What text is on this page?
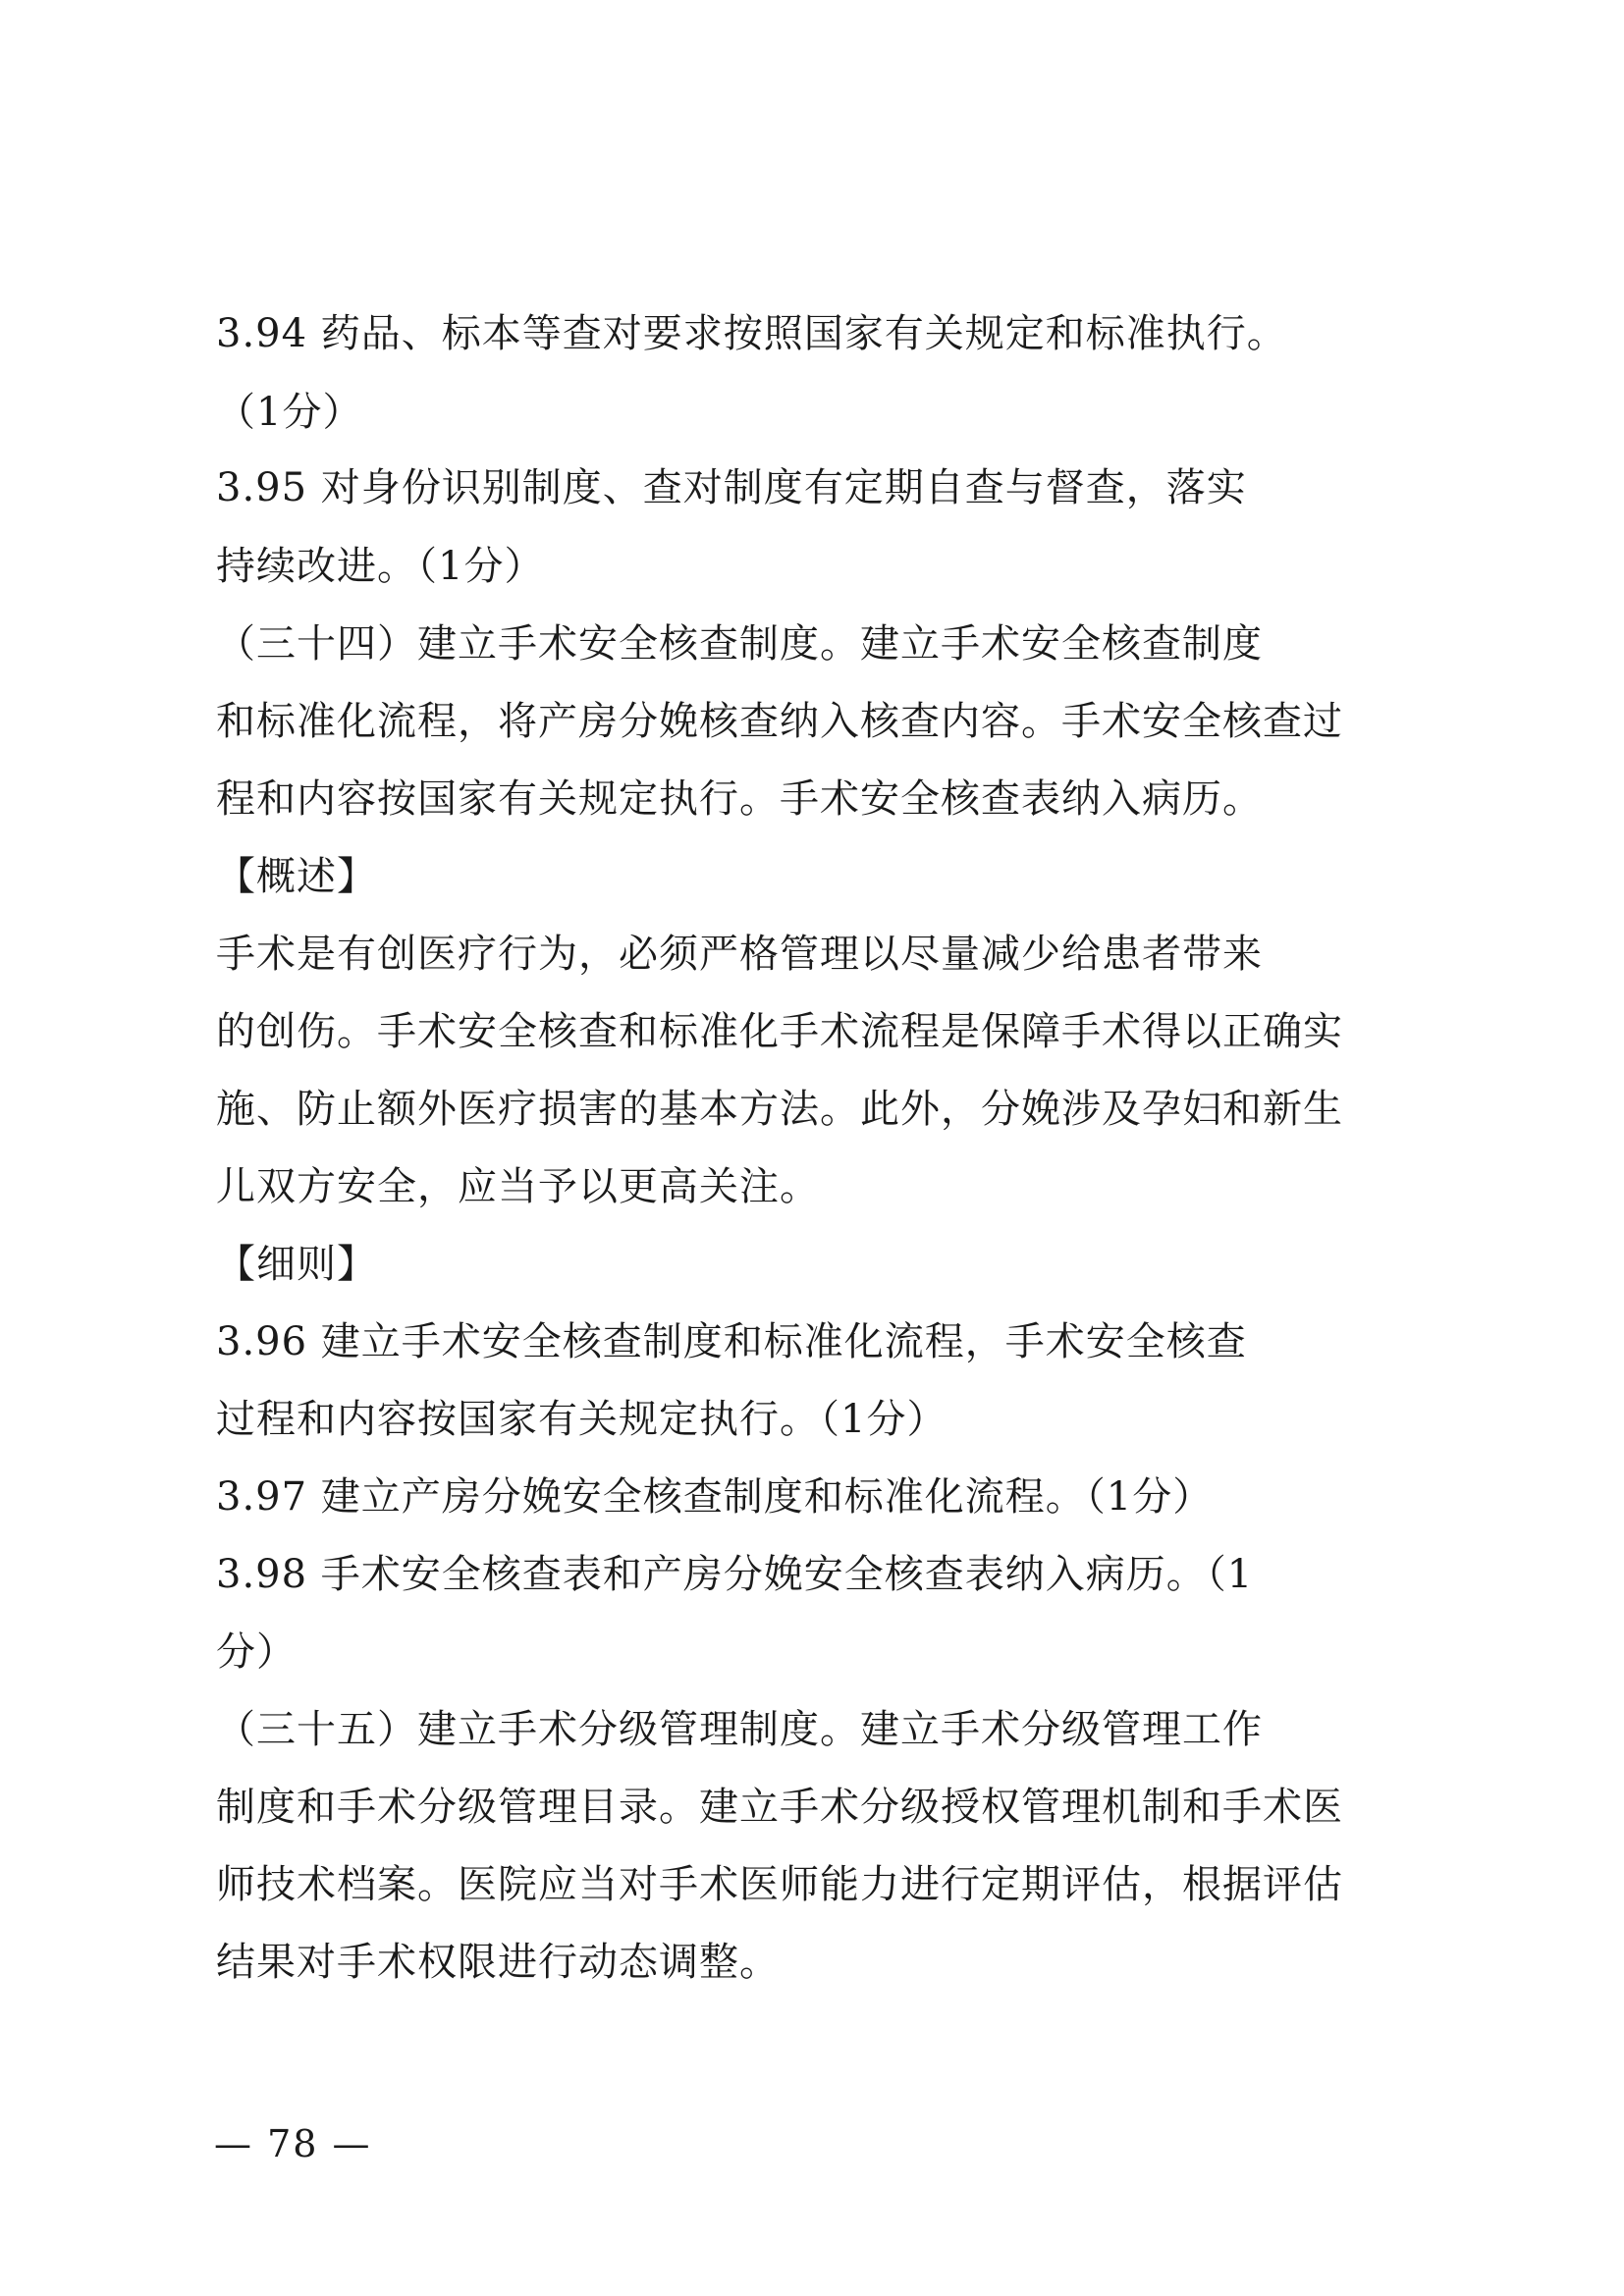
3.94 药品、标本等查对要求按照国家有关规定和标准执行。
（1分）
3.95 对身份识别制度、查对制度有定期自查与督查，落实
持续改进。（1分）
（三十四）建立手术安全核查制度。建立手术安全核查制度
和标准化流程，将产房分娩核查纳入核查内容。手术安全核查过
程和内容按国家有关规定执行。手术安全核查表纳入病历。
【概述】
手术是有创医疗行为，必须严格管理以尽量减少给患者带来
的创伤。手术安全核查和标准化手术流程是保障手术得以正确实
施、防止额外医疗损害的基本方法。此外，分娩涉及孕妇和新生
儿双方安全，应当予以更高关注。
【细则】
3.96 建立手术安全核查制度和标准化流程，手术安全核查
过程和内容按国家有关规定执行。（1分）
3.97 建立产房分娩安全核查制度和标准化流程。（1分）
3.98 手术安全核查表和产房分娩安全核查表纳入病历。（1
分）
（三十五）建立手术分级管理制度。建立手术分级管理工作
制度和手术分级管理目录。建立手术分级授权管理机制和手术医
师技术档案。医院应当对手术医师能力进行定期评估，根据评估
结果对手术权限进行动态调整。
— 78 —
